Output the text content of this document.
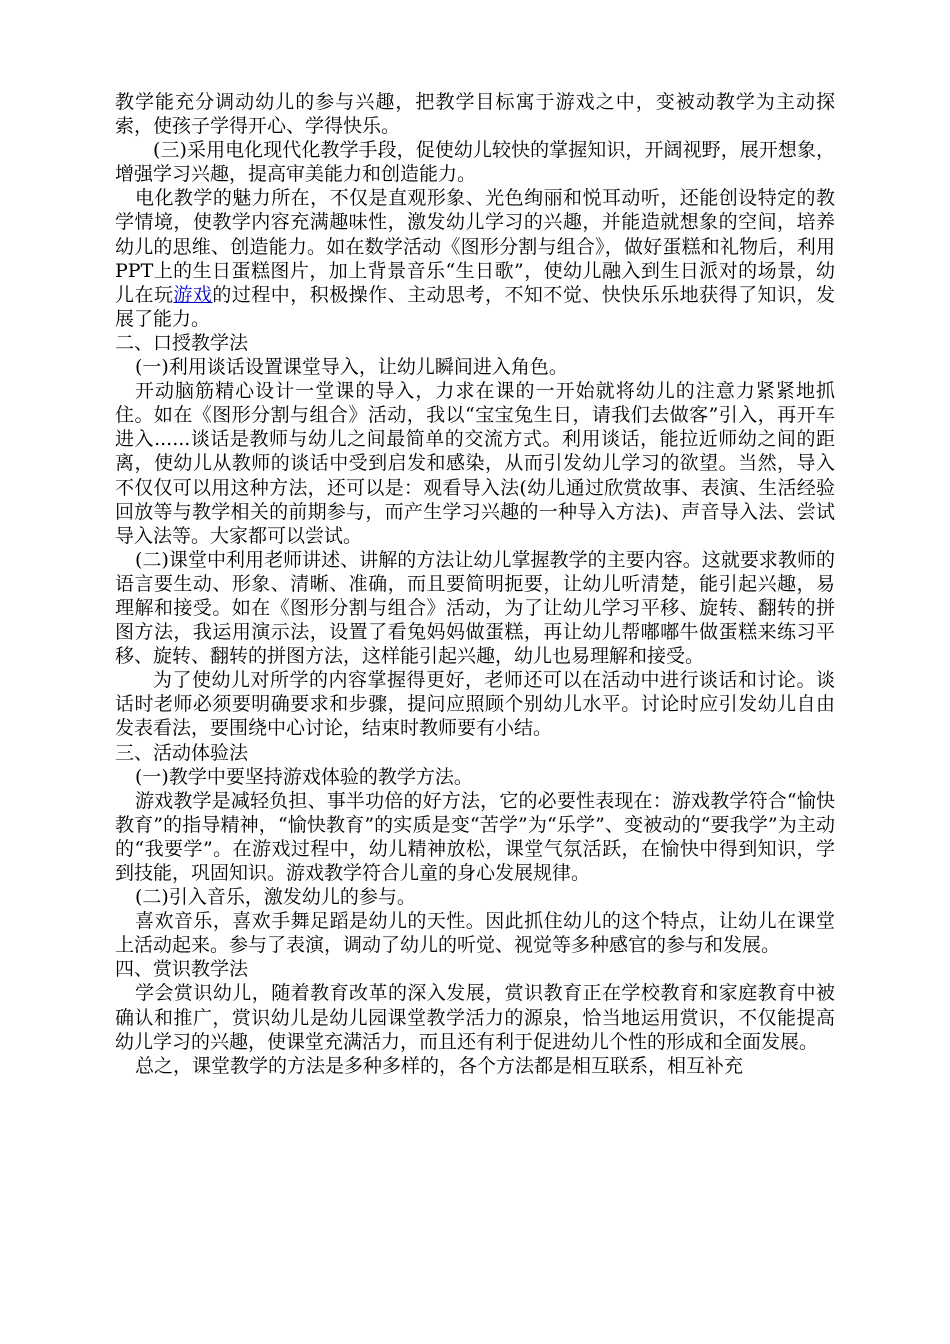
教学能充分调动幼儿的参与兴趣，把教学目标寓于游戏之中，变被动教学为主动探索，使孩子学得开心、学得快乐。

(三)采用电化现代化教学手段，促使幼儿较快的掌握知识，开阔视野，展开想象，增强学习兴趣，提高审美能力和创造能力。

电化教学的魅力所在，不仅是直观形象、光色绚丽和悦耳动听，还能创设特定的教学情境，使教学内容充满趣味性，激发幼儿学习的兴趣，并能造就想象的空间，培养幼儿的思维、创造能力。如在数学活动《图形分割与组合》，做好蛋糕和礼物后，利用PPT上的生日蛋糕图片，加上背景音乐“生日歌”，使幼儿融入到生日派对的场景，幼儿在玩游戏的过程中，积极操作、主动思考，不知不觉、快快乐乐地获得了知识，发展了能力。

二、口授教学法

(一)利用谈话设置课堂导入，让幼儿瞬间进入角色。

开动脑筋精心设计一堂课的导入，力求在课的一开始就将幼儿的注意力紧紧地抓住。如在《图形分割与组合》活动，我以“宝宝兔生日，请我们去做客”引入，再开车进入......谈话是教师与幼儿之间最简单的交流方式。利用谈话，能拉近师幼之间的距离，使幼儿从教师的谈话中受到启发和感染，从而引发幼儿学习的欲望。当然，导入不仅仅可以用这种方法，还可以是：观看导入法(幼儿通过欣赏故事、表演、生活经验回放等与教学相关的前期参与，而产生学习兴趣的一种导入方法)、声音导入法、尝试导入法等。大家都可以尝试。

(二)课堂中利用老师讲述、讲解的方法让幼儿掌握教学的主要内容。这就要求教师的语言要生动、形象、清晰、准确，而且要简明扼要，让幼儿听清楚，能引起兴趣，易理解和接受。如在《图形分割与组合》活动，为了让幼儿学习平移、旋转、翻转的拼图方法，我运用演示法，设置了看兔妈妈做蛋糕，再让幼儿帮嘟嘟牛做蛋糕来练习平移、旋转、翻转的拼图方法，这样能引起兴趣，幼儿也易理解和接受。

为了使幼儿对所学的内容掌握得更好，老师还可以在活动中进行谈话和讨论。谈话时老师必须要明确要求和步骤，提问应照顾个别幼儿水平。讨论时应引发幼儿自由发表看法，要围绕中心讨论，结束时教师要有小结。

三、活动体验法

(一)教学中要坚持游戏体验的教学方法。

游戏教学是减轻负担、事半功倍的好方法，它的必要性表现在：游戏教学符合“愉快教育”的指导精神，“愉快教育”的实质是变“苦学”为“乐学”、变被动的“要我学”为主动的“我要学”。在游戏过程中，幼儿精神放松，课堂气氛活跃，在愉快中得到知识，学到技能，巩固知识。游戏教学符合儿童的身心发展规律。

(二)引入音乐，激发幼儿的参与。

喜欢音乐，喜欢手舞足蹈是幼儿的天性。因此抓住幼儿的这个特点，让幼儿在课堂上活动起来。参与了表演，调动了幼儿的听觉、视觉等多种感官的参与和发展。

四、赏识教学法

学会赏识幼儿，随着教育改革的深入发展，赏识教育正在学校教育和家庭教育中被确认和推广，赏识幼儿是幼儿园课堂教学活力的源泉，恰当地运用赏识，不仅能提高幼儿学习的兴趣，使课堂充满活力，而且还有利于促进幼儿个性的形成和全面发展。

总之，课堂教学的方法是多种多样的，各个方法都是相互联系，相互补充
